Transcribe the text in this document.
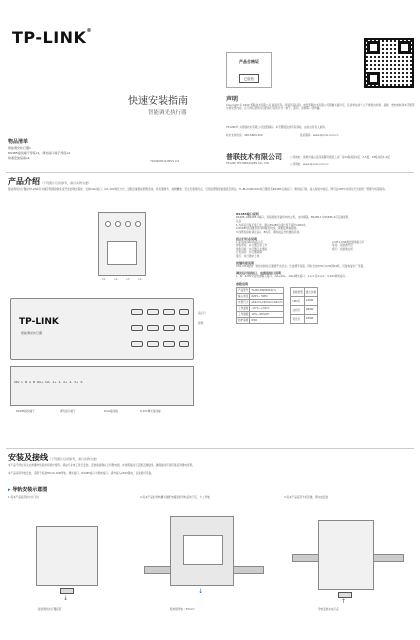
TP-LINK®
快速安装指南
智能调光执行器
7100203514 REV1.0.0
产品合格证
已检验
声明
Copyright © 2020 普联技术有限公司 版权所有。保留所有权利。未经普联技术有限公司明确书面许可，任何单位或个人不得擅自仿制、复制、誊抄或转译本手册部分或全部内容，且不得以营利为目的进行任何方式（电子、影印、录制等）的传播。
TP-LINK® 为普联技术有限公司注册商标。本手册提及的所有商标，由各自所有人拥有。
技术支持热线：400-8863-400	售后服务：www.tp-link.com.cn
普联技术有限公司
TP-LINK TECHNOLOGIES CO., LTD.
公司地址：深圳市南山区深南路科技园工业厂房24栋南段1层、3-5层、28栋北段1-4层
公司网址：www.tp-link.com.cn
物品清单
智能调光执行器1
RS485接线端子母座x1，调光接口端子母座x4
快速安装指南x1
产品介绍（下列图片仅供参考，请以实物为准）
智能调光执行器是TP-LINK针对楼宇照明控制系统开发的调光模块，支持DALI接口、0/1-10V调光方式，适配全屋智能照明需求。具有通道多、控制精准、安全可靠等特点，可连接普联智能面板及网关，TL-BU-DSM2010执行器设有RS485总线接口、调光接口等，接入智能中控后，即可在APP中实现对灯光的统一管理与场景联动。
L1	L2	L3	L4
TP-LINK
智能调光执行器
指示灯
按键
24V L N A B DA+ DA- 1+ 1- 2+ 2- 3+ 3-
RS485接线端子	调光接口端子	DALI接线端	0-10V调光接线端
RS485端口说明
RS485-1/RS485-2端口，连接智能设备和中控主机，支持级联。RS485-1与RS485-2可互换使用。
注意：
1.为保证设备正常工作，建议RS485总线长度不超过1000米。
2.RS485总线推荐使用屏蔽双绞线，屏蔽层单端接地。
3.线缆连接时请注意A、B线序，避免接反导致通信异常。
指示灯状态说明
1.系统(System)指示灯
绿色常亮：执行器正常工作
绿色闪烁：执行器正在通信
红色常亮：执行器故障
熄灭：执行器未上电
2.CH1-CH4调光通道指示灯
常亮：该通道开启
熄灭：该通道关闭
按键功能说明
CH1-CH4按键：短按切换对应通道开关状态；长按调节亮度。同时长按CH1与CH2键10秒，设备恢复出厂设置。
调光信号接线口、电源接线口说明
L、N：220V交流电源输入接口；DA+/DA-：DALI调光接口；1+/1-至4+/4-：0-10V调光接口。
参数说明
产品型号	TL-BU-DSM2010(7)
输入电压	220V~ 50Hz
外形尺寸	162mm×90mm×64mm
工作温度	-10°C~+50°C
工作湿度	10%~90%RH
防护等级	IP20
负载类型	最大负载
LED灯	240W
白炽灯	480W
荧光灯	240W
安装及接线（下列图片仅供参考，请以实物为准）
本产品不得在有火灾或爆炸危险的环境中使用，请由专业电工进行安装。安装前请确认已切断电源，并按照接线示意图正确接线，确保接线牢固可靠后再通电使用。
本产品采用导轨安装，适用于标准35mm DIN导轨。调光接口、RS485接口为弱电接口，请勿接入220V强电，以免损坏设备。
▸ 导轨安装示意图
1.将本产品底部的卡扣下拉
↓
智能调光执行器底部
2.将本产品的导轨槽对准配电箱里的导轨后向下压，卡上导轨
↓
配电箱导轨（35mm）
3.将本产品底部卡扣回推，即完成安装
↑
导轨安装完成示意
